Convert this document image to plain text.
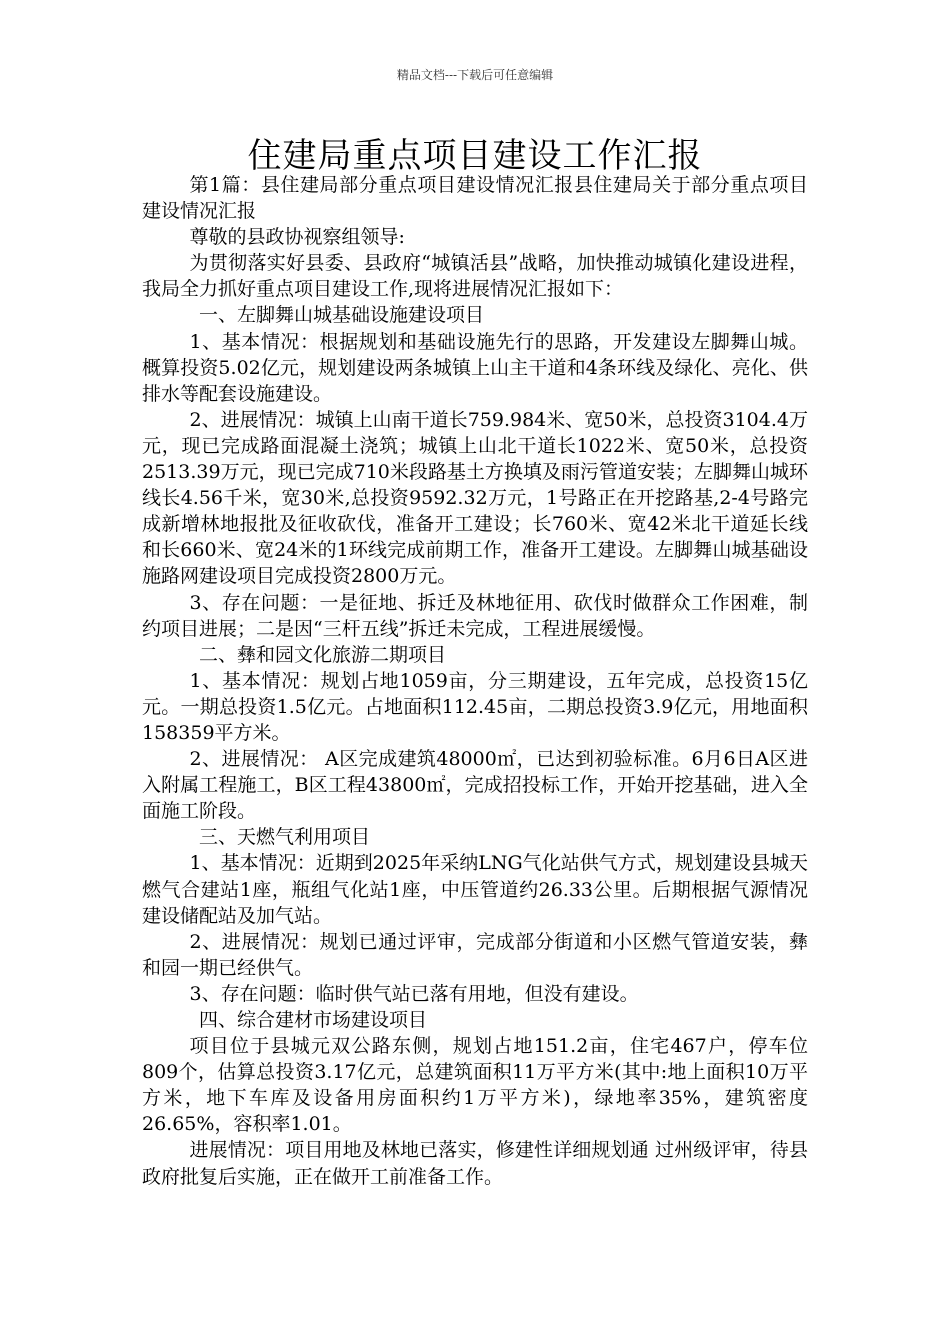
精品文档---下载后可任意编辑
住建局重点项目建设工作汇报

第1篇：县住建局部分重点项目建设情况汇报县住建局关于部分重点项目建设情况汇报

尊敬的县政协视察组领导:

为贯彻落实好县委、县政府“城镇活县”战略，加快推动城镇化建设进程，我局全力抓好重点项目建设工作,现将进展情况汇报如下：

一、左脚舞山城基础设施建设项目

1、基本情况：根据规划和基础设施先行的思路，开发建设左脚舞山城。概算投资5.02亿元，规划建设两条城镇上山主干道和4条环线及绿化、亮化、供排水等配套设施建设。

2、进展情况：城镇上山南干道长759.984米、宽50米，总投资3104.4万元，现已完成路面混凝土浇筑；城镇上山北干道长1022米、宽50米，总投资2513.39万元，现已完成710米段路基土方换填及雨污管道安装；左脚舞山城环线长4.56千米，宽30米,总投资9592.32万元，1号路正在开挖路基,2-4号路完成新增林地报批及征收砍伐，准备开工建设；长760米、宽42米北干道延长线和长660米、宽24米的1环线完成前期工作，准备开工建设。左脚舞山城基础设施路网建设项目完成投资2800万元。

3、存在问题：一是征地、拆迁及林地征用、砍伐时做群众工作困难，制约项目进展；二是因“三杆五线”拆迁未完成，工程进展缓慢。

二、彝和园文化旅游二期项目

1、基本情况：规划占地1059亩，分三期建设，五年完成，总投资15亿元。一期总投资1.5亿元。占地面积112.45亩，二期总投资3.9亿元，用地面积158359平方米。

2、进展情况： A区完成建筑48000㎡，已达到初验标准。6月6日A区进入附属工程施工，B区工程43800㎡，完成招投标工作，开始开挖基础，进入全面施工阶段。

三、天燃气利用项目

1、基本情况：近期到2025年采纳LNG气化站供气方式，规划建设县城天燃气合建站1座，瓶组气化站1座，中压管道约26.33公里。后期根据气源情况建设储配站及加气站。

2、进展情况：规划已通过评审，完成部分街道和小区燃气管道安装，彝和园一期已经供气。

3、存在问题：临时供气站已落有用地，但没有建设。

四、综合建材市场建设项目

项目位于县城元双公路东侧，规划占地151.2亩，住宅467户，停车位809个，估算总投资3.17亿元，总建筑面积11万平方米(其中:地上面积10万平方米，地下车库及设备用房面积约1万平方米)，绿地率35%，建筑密度26.65%，容积率1.01。

进展情况：项目用地及林地已落实，修建性详细规划通 过州级评审，待县政府批复后实施，正在做开工前准备工作。
